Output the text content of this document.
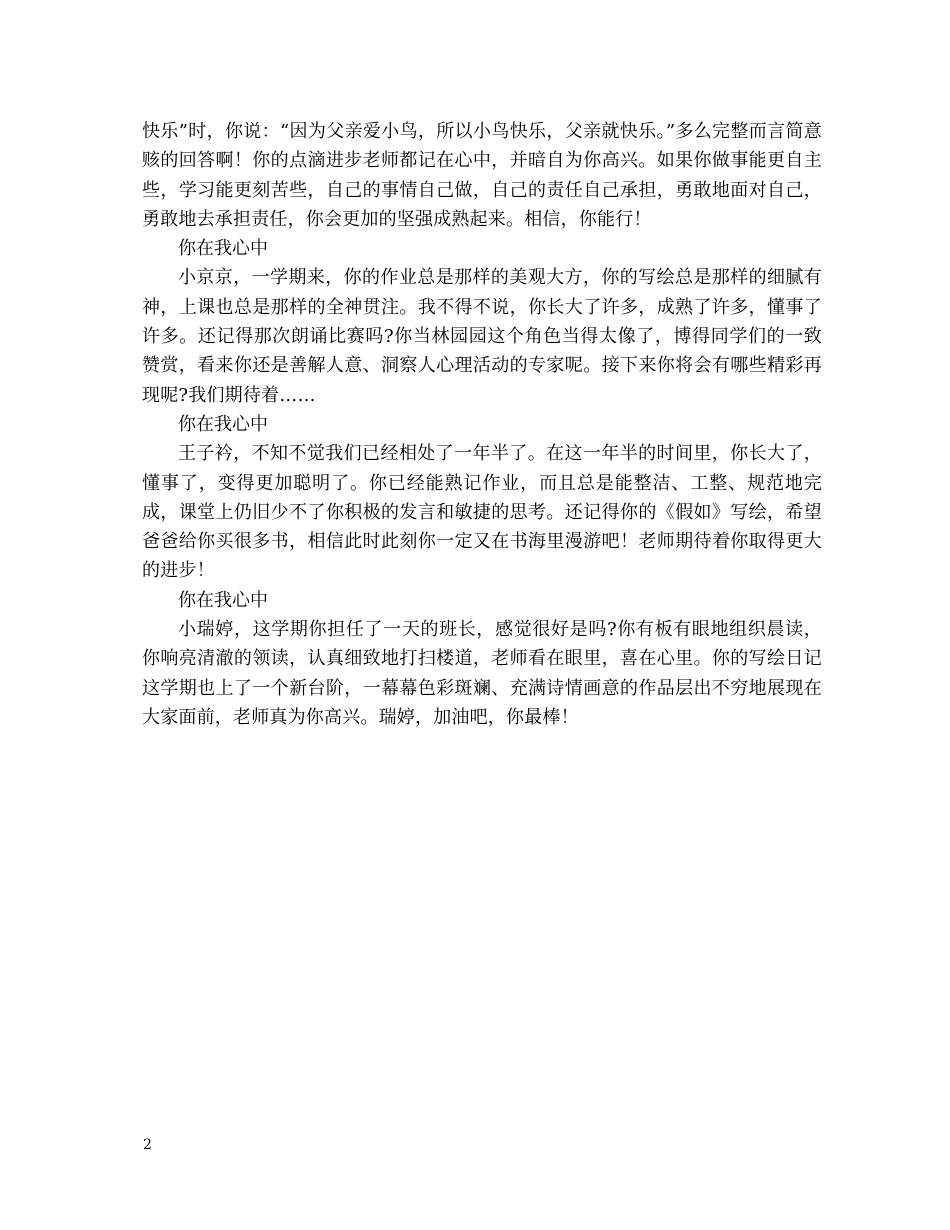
快乐”时，你说：“因为父亲爱小鸟，所以小鸟快乐，父亲就快乐。”多么完整而言简意赅的回答啊！你的点滴进步老师都记在心中，并暗自为你高兴。如果你做事能更自主些，学习能更刻苦些，自己的事情自己做，自己的责任自己承担，勇敢地面对自己，勇敢地去承担责任，你会更加的坚强成熟起来。相信，你能行！

你在我心中

小京京，一学期来，你的作业总是那样的美观大方，你的写绘总是那样的细腻有神，上课也总是那样的全神贯注。我不得不说，你长大了许多，成熟了许多，懂事了许多。还记得那次朗诵比赛吗?你当林园园这个角色当得太像了，博得同学们的一致赞赏，看来你还是善解人意、洞察人心理活动的专家呢。接下来你将会有哪些精彩再现呢?我们期待着……

你在我心中

王子衿，不知不觉我们已经相处了一年半了。在这一年半的时间里，你长大了，懂事了，变得更加聪明了。你已经能熟记作业，而且总是能整洁、工整、规范地完成，课堂上仍旧少不了你积极的发言和敏捷的思考。还记得你的《假如》写绘，希望爸爸给你买很多书，相信此时此刻你一定又在书海里漫游吧！老师期待着你取得更大的进步！

你在我心中

小瑞婷，这学期你担任了一天的班长，感觉很好是吗?你有板有眼地组织晨读，你响亮清澈的领读，认真细致地打扫楼道，老师看在眼里，喜在心里。你的写绘日记这学期也上了一个新台阶，一幕幕色彩斑斓、充满诗情画意的作品层出不穷地展现在大家面前，老师真为你高兴。瑞婷，加油吧，你最棒！

2
